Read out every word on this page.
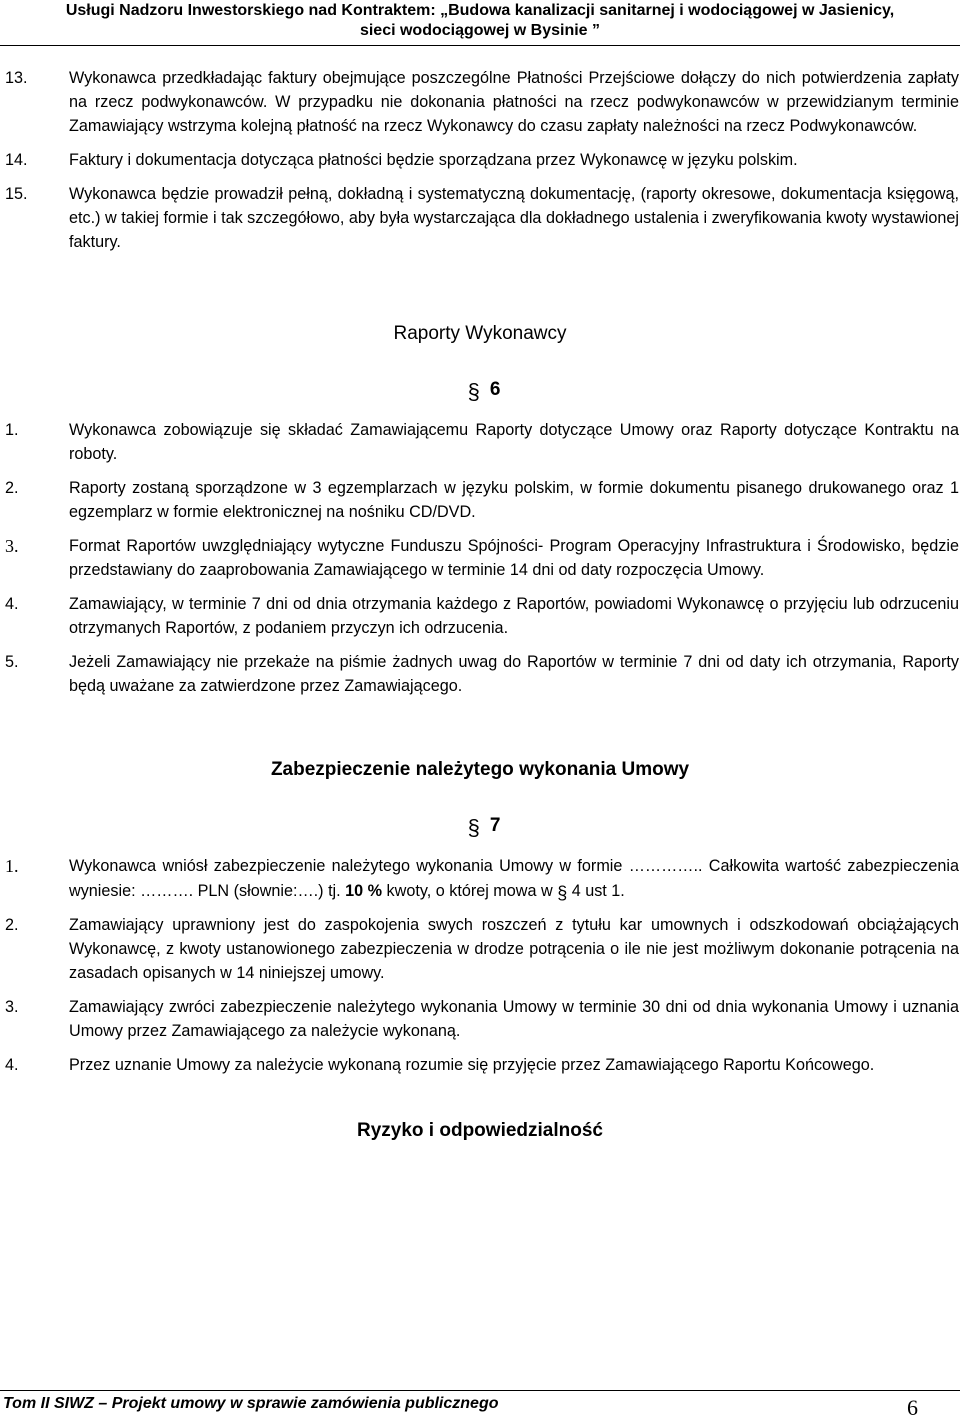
Usługi Nadzoru Inwestorskiego nad Kontraktem: „Budowa kanalizacji sanitarnej i wodociągowej w Jasienicy,
sieci wodociągowej w Bysinie ”
13.	Wykonawca przedkładając faktury obejmujące poszczególne Płatności Przejściowe dołączy do nich potwierdzenia zapłaty na rzecz podwykonawców. W przypadku nie dokonania płatności na rzecz podwykonawców w przewidzianym terminie Zamawiający wstrzyma kolejną płatność na rzecz Wykonawcy do czasu zapłaty należności na rzecz Podwykonawców.
14.	Faktury i dokumentacja dotycząca płatności będzie sporządzana przez Wykonawcę w języku polskim.
15.	Wykonawca będzie prowadził pełną, dokładną i systematyczną dokumentację, (raporty okresowe, dokumentacja księgową, etc.) w takiej formie i tak szczegółowo, aby była wystarczająca dla dokładnego ustalenia i zweryfikowania kwoty wystawionej faktury.
Raporty Wykonawcy
§ 6
1.	Wykonawca zobowiązuje się składać Zamawiającemu Raporty dotyczące Umowy oraz Raporty dotyczące Kontraktu na roboty.
2.	Raporty zostaną sporządzone w 3 egzemplarzach w języku polskim, w formie dokumentu pisanego drukowanego oraz 1 egzemplarz w formie elektronicznej na nośniku CD/DVD.
3.	Format Raportów uwzględniający wytyczne Funduszu Spójności- Program Operacyjny Infrastruktura i Środowisko, będzie przedstawiany do zaaprobowania Zamawiającego w terminie 14 dni od daty rozpoczęcia Umowy.
4.	Zamawiający, w terminie 7 dni od dnia otrzymania każdego z Raportów, powiadomi Wykonawcę o przyjęciu lub odrzuceniu otrzymanych Raportów, z podaniem przyczyn ich odrzucenia.
5.	Jeżeli Zamawiający nie przekaże na piśmie żadnych uwag do Raportów w terminie 7 dni od daty ich otrzymania, Raporty będą uważane za zatwierdzone przez Zamawiającego.
Zabezpieczenie należytego wykonania Umowy
§ 7
1.	Wykonawca wniósł zabezpieczenie należytego wykonania Umowy w formie ………….. Całkowita wartość zabezpieczenia wyniesie: ………. PLN (słownie:….) tj. 10 % kwoty, o której mowa w § 4 ust 1.
2.	Zamawiający uprawniony jest do zaspokojenia swych roszczeń z tytułu kar umownych i odszkodowań obciążających Wykonawcę, z kwoty ustanowionego zabezpieczenia w drodze potrącenia o ile nie jest możliwym dokonanie potrącenia na zasadach opisanych w 14 niniejszej umowy.
3.	Zamawiający zwróci zabezpieczenie należytego wykonania Umowy w terminie 30 dni od dnia wykonania Umowy i uznania Umowy przez Zamawiającego za należycie wykonaną.
4.	Przez uznanie Umowy za należycie wykonaną rozumie się przyjęcie przez Zamawiającego Raportu Końcowego.
Ryzyko i odpowiedzialność
Tom II SIWZ – Projekt umowy w sprawie zamówienia publicznego	6
